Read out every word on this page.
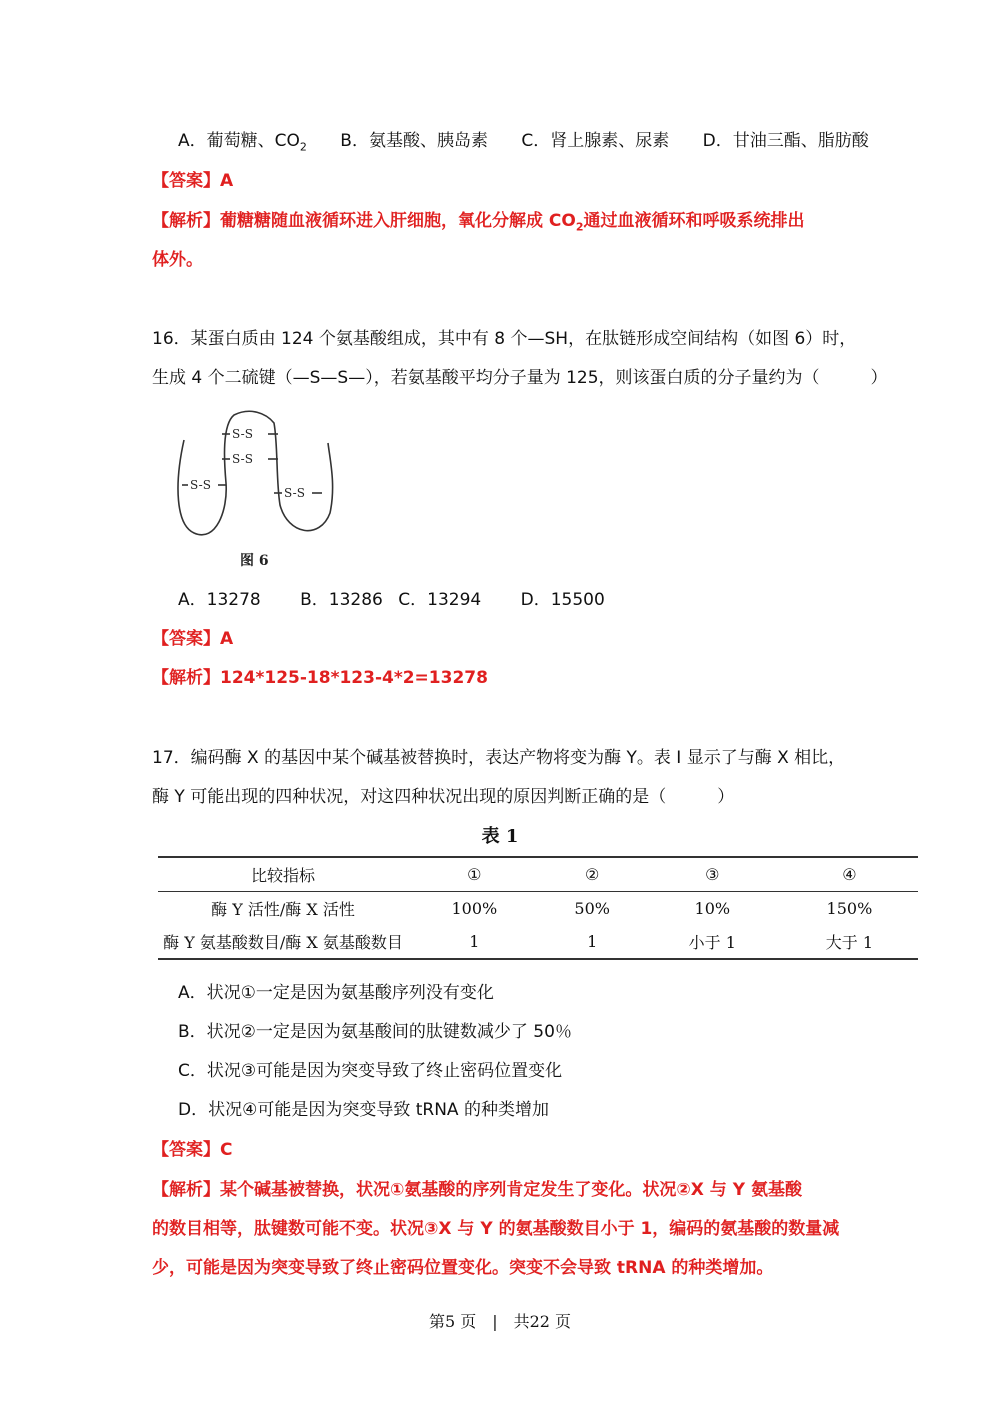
A．葡萄糖、$CO_2$ B．氨基酸、胰岛素 C．肾上腺素、尿素 D．甘油三酯、脂肪酸
【答案】A
【解析】葡糖糖随血液循环进入肝细胞，氧化分解成 $CO_2$通过血液循环和呼吸系统排出
体外。
16．某蛋白质由 124 个氨基酸组成，其中有 8 个—SH，在肽链形成空间结构（如图 6）时，
生成 4 个二硫键（—S—S—），若氨基酸平均分子量为 125，则该蛋白质的分子量约为（　　　）
S-S
S-S
S-S
S-S
图 6
A．13278 B．13286 C．13294 D．15500
【答案】A
【解析】124*125-18*123-4*2=13278
17．编码酶 X 的基因中某个碱基被替换时，表达产物将变为酶 Y。表 I 显示了与酶 X 相比，
酶 Y 可能出现的四种状况，对这四种状况出现的原因判断正确的是（　　　）
表 1
比较指标	①	②	③	④
酶 Y 活性/酶 X 活性	100%	50%	10%	150%
酶 Y 氨基酸数目/酶 X 氨基酸数目	1	1	小于 1	大于 1
A．状况①一定是因为氨基酸序列没有变化
B．状况②一定是因为氨基酸间的肽键数减少了 50％
C．状况③可能是因为突变导致了终止密码位置变化
D．状况④可能是因为突变导致 tRNA 的种类增加
【答案】C
【解析】某个碱基被替换，状况①氨基酸的序列肯定发生了变化。状况②X 与 Y 氨基酸
的数目相等，肽键数可能不变。状况③X 与 Y 的氨基酸数目小于 1，编码的氨基酸的数量减
少，可能是因为突变导致了终止密码位置变化。突变不会导致 tRNA 的种类增加。
第5 页　|　共22 页
